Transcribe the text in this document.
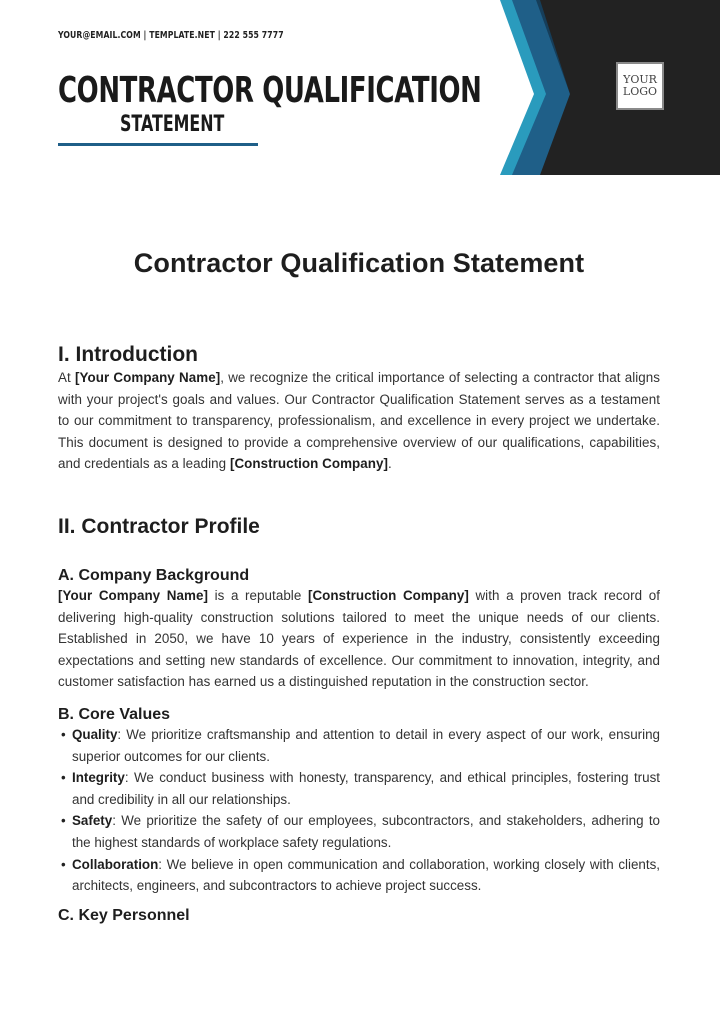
YOUR@EMAIL.COM | TEMPLATE.NET | 222 555 7777
CONTRACTOR QUALIFICATION
STATEMENT
YOUR
LOGO
Contractor Qualification Statement
I. Introduction

At [Your Company Name], we recognize the critical importance of selecting a contractor that aligns with your project's goals and values. Our Contractor Qualification Statement serves as a testament to our commitment to transparency, professionalism, and excellence in every project we undertake. This document is designed to provide a comprehensive overview of our qualifications, capabilities, and credentials as a leading [Construction Company].

II. Contractor Profile
A. Company Background

[Your Company Name] is a reputable [Construction Company] with a proven track record of delivering high-quality construction solutions tailored to meet the unique needs of our clients. Established in 2050, we have 10 years of experience in the industry, consistently exceeding expectations and setting new standards of excellence. Our commitment to innovation, integrity, and customer satisfaction has earned us a distinguished reputation in the construction sector.

B. Core Values
• Quality: We prioritize craftsmanship and attention to detail in every aspect of our work, ensuring superior outcomes for our clients.
• Integrity: We conduct business with honesty, transparency, and ethical principles, fostering trust and credibility in all our relationships.
• Safety: We prioritize the safety of our employees, subcontractors, and stakeholders, adhering to the highest standards of workplace safety regulations.
• Collaboration: We believe in open communication and collaboration, working closely with clients, architects, engineers, and subcontractors to achieve project success.
C. Key Personnel
